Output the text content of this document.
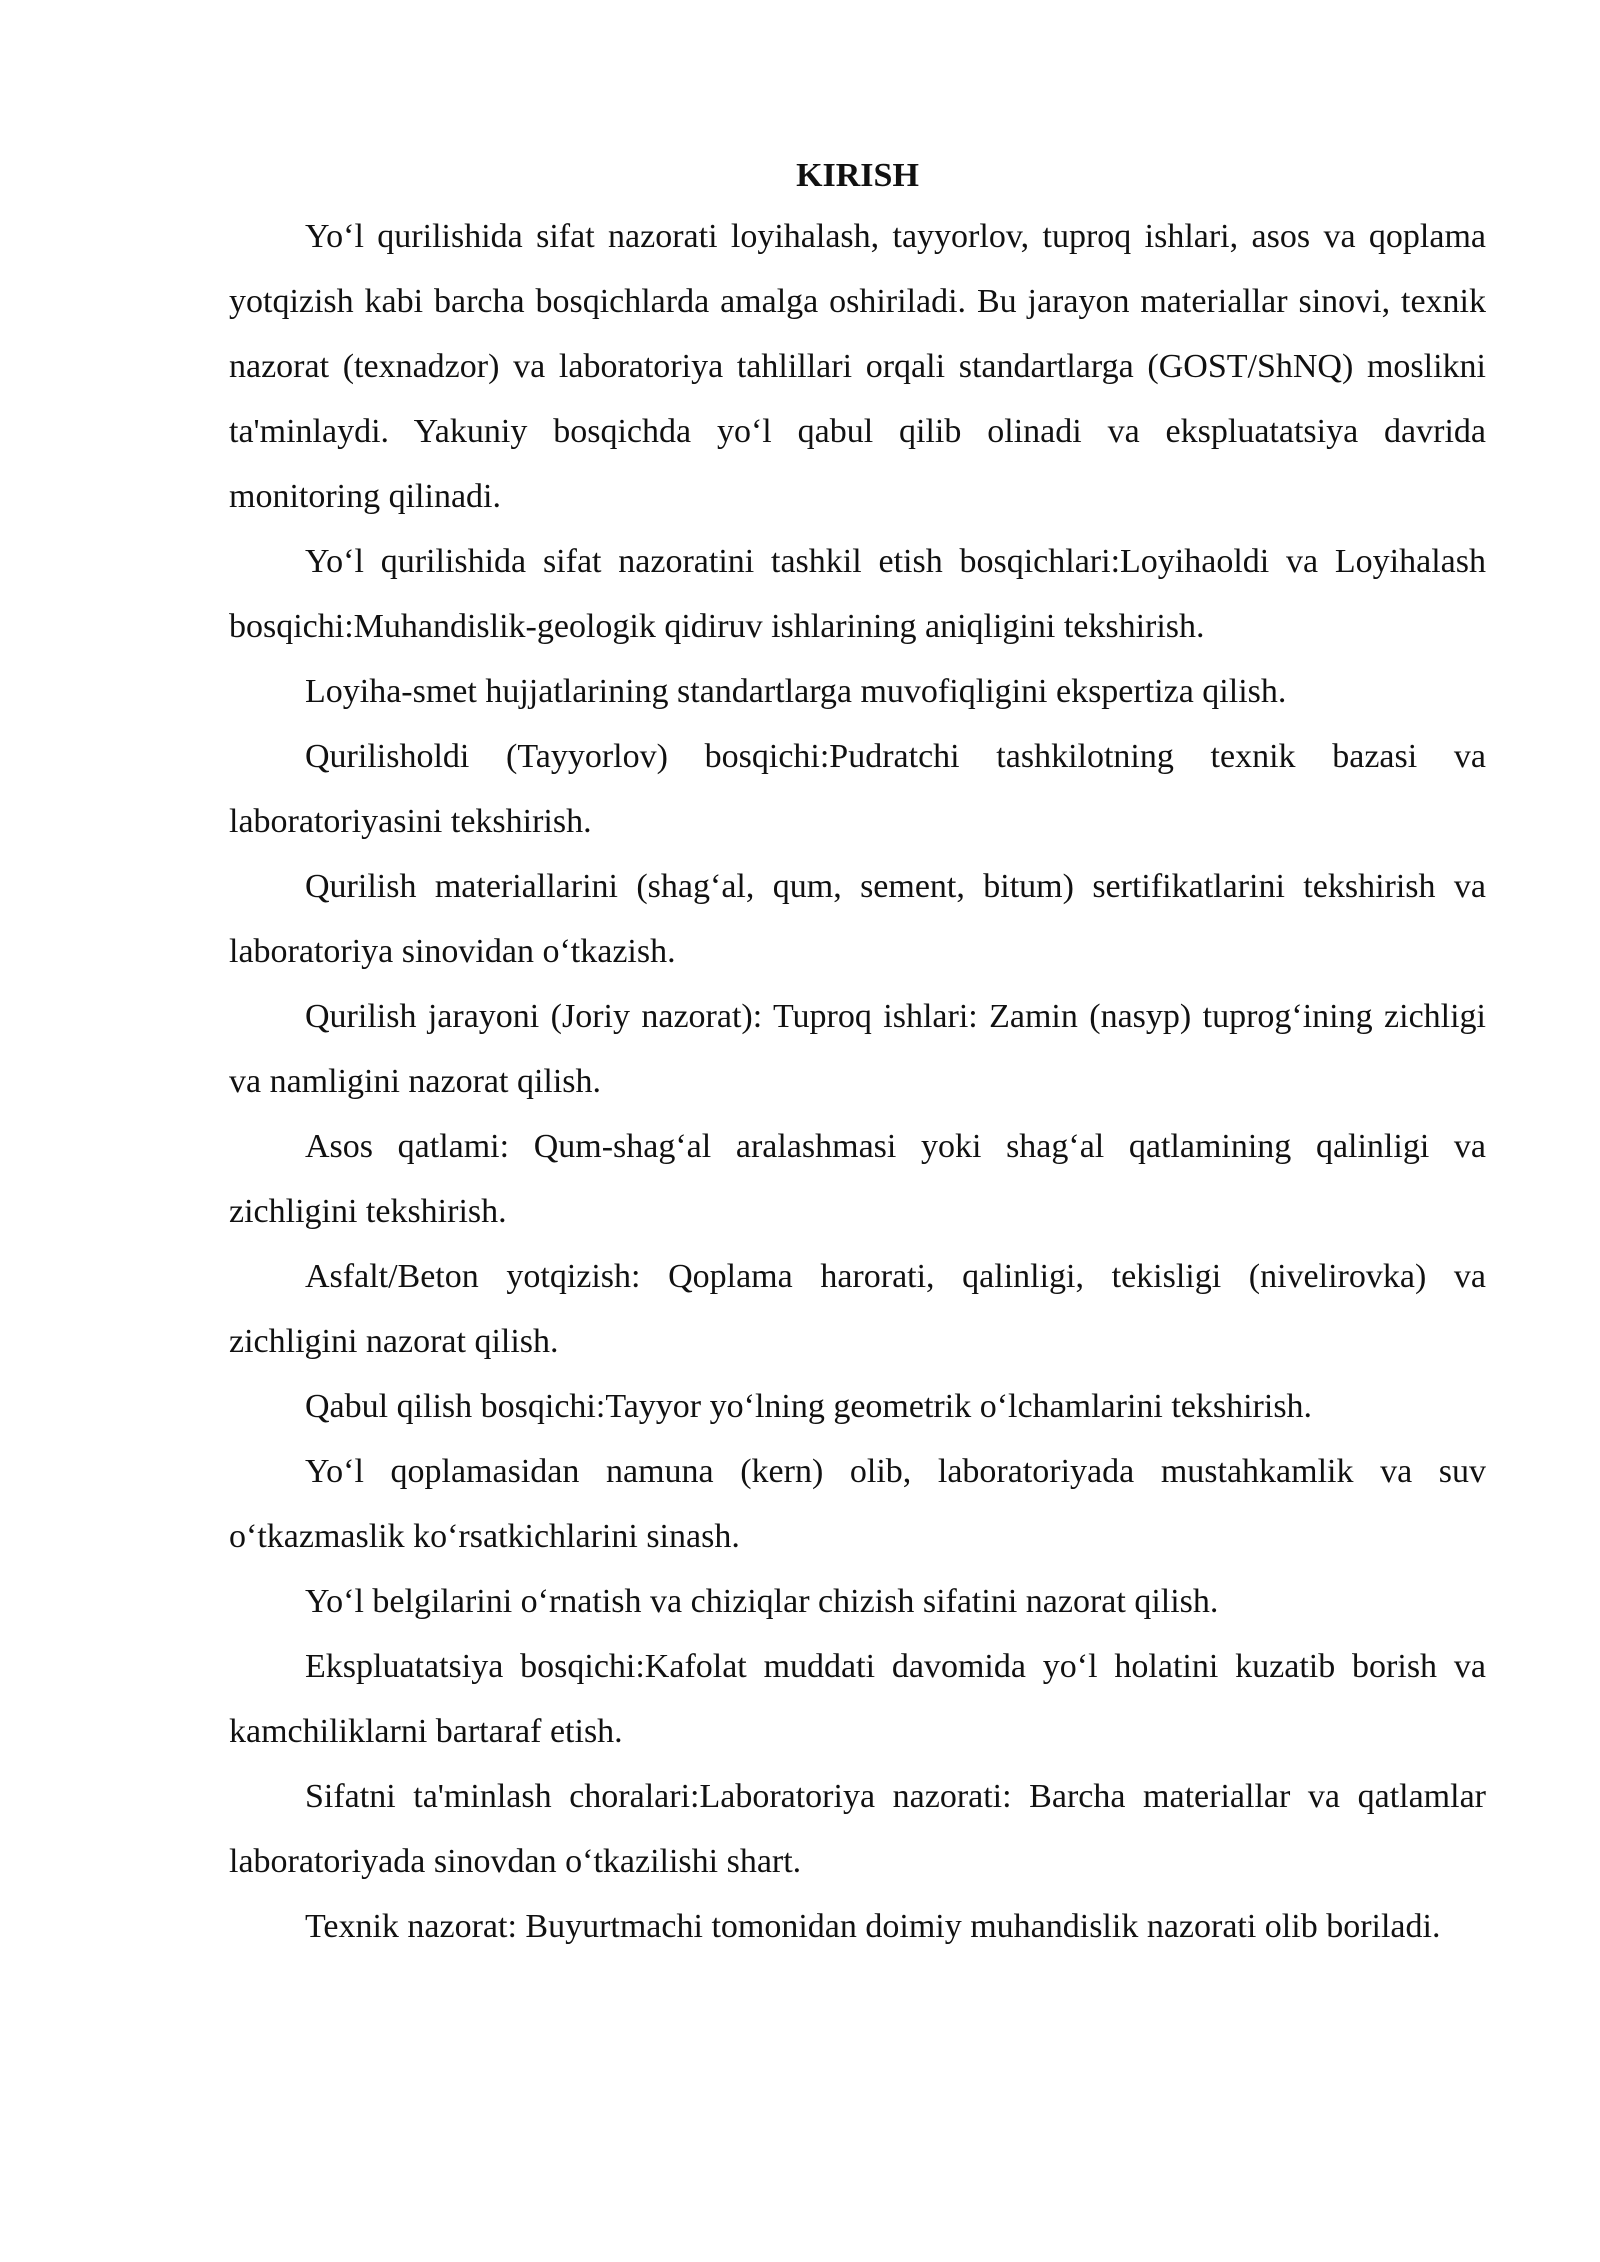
KIRISH

Yo‘l qurilishida sifat nazorati loyihalash, tayyorlov, tuproq ishlari, asos va qoplama yotqizish kabi barcha bosqichlarda amalga oshiriladi. Bu jarayon materiallar sinovi, texnik nazorat (texnadzor) va laboratoriya tahlillari orqali standartlarga (GOST/ShNQ) moslikni ta'minlaydi. Yakuniy bosqichda yo‘l qabul qilib olinadi va ekspluatatsiya davrida monitoring qilinadi.

Yo‘l qurilishida sifat nazoratini tashkil etish bosqichlari:Loyihaoldi va Loyihalash bosqichi:Muhandislik-geologik qidiruv ishlarining aniqligini tekshirish.

Loyiha-smet hujjatlarining standartlarga muvofiqligini ekspertiza qilish.

Qurilisholdi (Tayyorlov) bosqichi:Pudratchi tashkilotning texnik bazasi va laboratoriyasini tekshirish.

Qurilish materiallarini (shag‘al, qum, sement, bitum) sertifikatlarini tekshirish va laboratoriya sinovidan o‘tkazish.

Qurilish jarayoni (Joriy nazorat): Tuproq ishlari: Zamin (nasyp) tuprog‘ining zichligi va namligini nazorat qilish.

Asos qatlami: Qum-shag‘al aralashmasi yoki shag‘al qatlamining qalinligi va zichligini tekshirish.

Asfalt/Beton yotqizish: Qoplama harorati, qalinligi, tekisligi (nivelirovka) va zichligini nazorat qilish.

Qabul qilish bosqichi:Tayyor yo‘lning geometrik o‘lchamlarini tekshirish.

Yo‘l qoplamasidan namuna (kern) olib, laboratoriyada mustahkamlik va suv o‘tkazmaslik ko‘rsatkichlarini sinash.

Yo‘l belgilarini o‘rnatish va chiziqlar chizish sifatini nazorat qilish.

Ekspluatatsiya bosqichi:Kafolat muddati davomida yo‘l holatini kuzatib borish va kamchiliklarni bartaraf etish.

Sifatni ta'minlash choralari:Laboratoriya nazorati: Barcha materiallar va qatlamlar laboratoriyada sinovdan o‘tkazilishi shart.

Texnik nazorat: Buyurtmachi tomonidan doimiy muhandislik nazorati olib boriladi.
